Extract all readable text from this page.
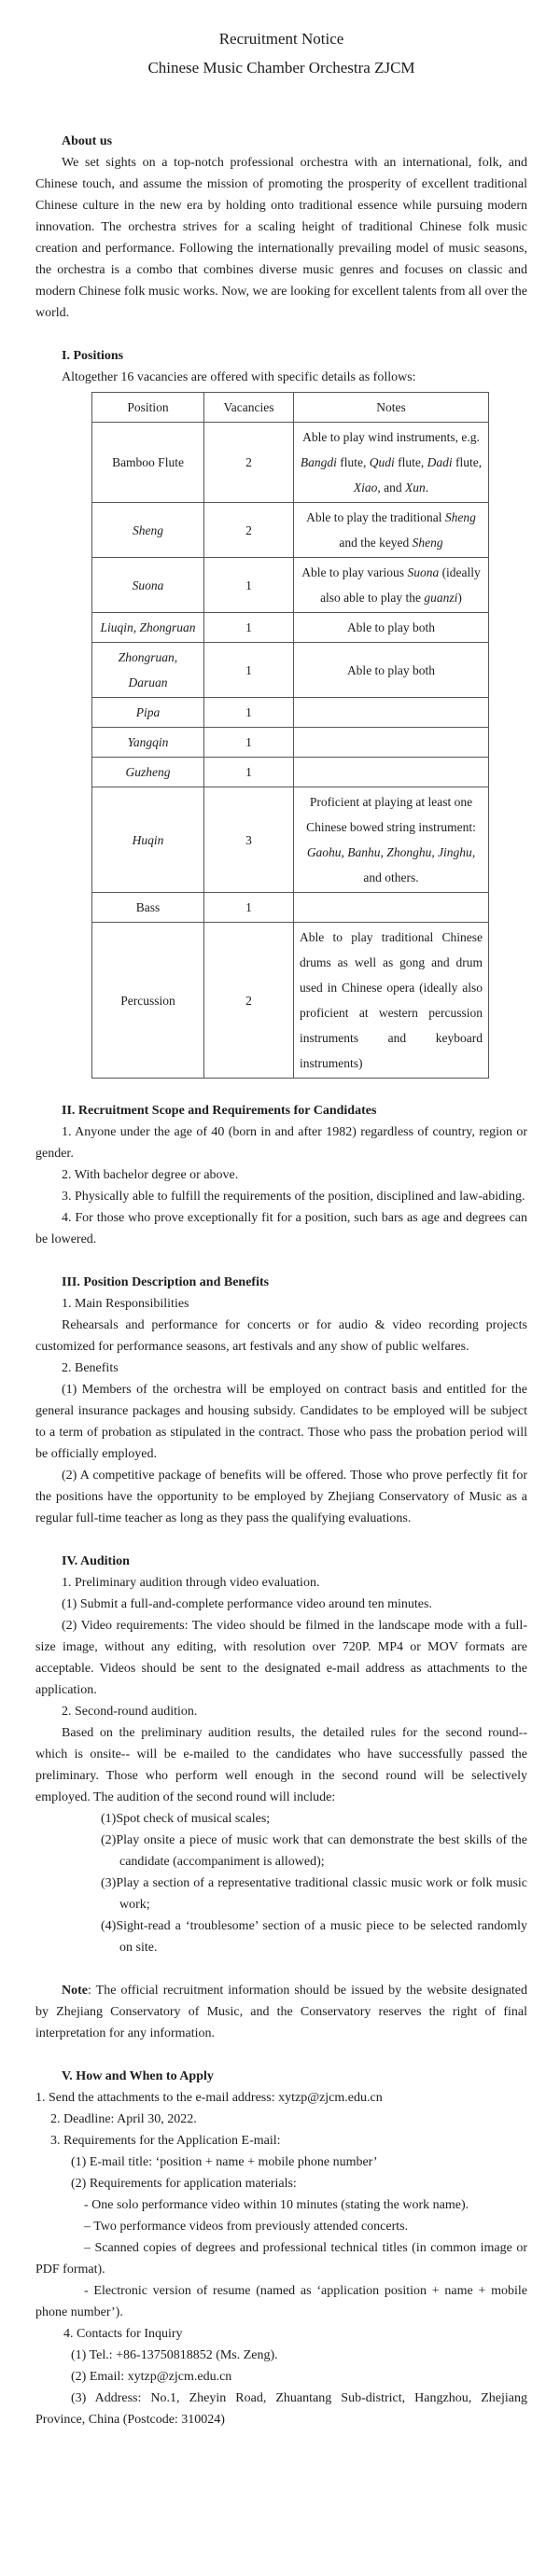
Recruitment Notice

Chinese Music Chamber Orchestra ZJCM

About us

We set sights on a top-notch professional orchestra with an international, folk, and Chinese touch, and assume the mission of promoting the prosperity of excellent traditional Chinese culture in the new era by holding onto traditional essence while pursuing modern innovation. The orchestra strives for a scaling height of traditional Chinese folk music creation and performance. Following the internationally prevailing model of music seasons, the orchestra is a combo that combines diverse music genres and focuses on classic and modern Chinese folk music works. Now, we are looking for excellent talents from all over the world.

I. Positions

Altogether 16 vacancies are offered with specific details as follows:

Position	Vacancies	Notes
Bamboo Flute	2	Able to play wind instruments, e.g. Bangdi flute, Qudi flute, Dadi flute, Xiao, and Xun.
Sheng	2	Able to play the traditional Sheng and the keyed Sheng
Suona	1	Able to play various Suona (ideally also able to play the guanzi)
Liuqin, Zhongruan	1	Able to play both
Zhongruan, Daruan	1	Able to play both
Pipa	1	
Yangqin	1	
Guzheng	1	
Huqin	3	Proficient at playing at least one Chinese bowed string instrument: Gaohu, Banhu, Zhonghu, Jinghu, and others.
Bass	1	
Percussion	2	Able to play traditional Chinese drums as well as gong and drum used in Chinese opera (ideally also proficient at western percussion instruments and keyboard instruments)

II. Recruitment Scope and Requirements for Candidates

1. Anyone under the age of 40 (born in and after 1982) regardless of country, region or gender.

2. With bachelor degree or above.

3. Physically able to fulfill the requirements of the position, disciplined and law-abiding.

4. For those who prove exceptionally fit for a position, such bars as age and degrees can be lowered.

III. Position Description and Benefits

1. Main Responsibilities

Rehearsals and performance for concerts or for audio & video recording projects customized for performance seasons, art festivals and any show of public welfares.

2. Benefits

(1) Members of the orchestra will be employed on contract basis and entitled for the general insurance packages and housing subsidy. Candidates to be employed will be subject to a term of probation as stipulated in the contract. Those who pass the probation period will be officially employed.

(2) A competitive package of benefits will be offered. Those who prove perfectly fit for the positions have the opportunity to be employed by Zhejiang Conservatory of Music as a regular full-time teacher as long as they pass the qualifying evaluations.

IV. Audition

1. Preliminary audition through video evaluation.

(1) Submit a full-and-complete performance video around ten minutes.

(2) Video requirements: The video should be filmed in the landscape mode with a full-size image, without any editing, with resolution over 720P. MP4 or MOV formats are acceptable. Videos should be sent to the designated e-mail address as attachments to the application.

2. Second-round audition.

Based on the preliminary audition results, the detailed rules for the second round-- which is onsite-- will be e-mailed to the candidates who have successfully passed the preliminary. Those who perform well enough in the second round will be selectively employed. The audition of the second round will include:

(1)Spot check of musical scales;

(2)Play onsite a piece of music work that can demonstrate the best skills of the candidate (accompaniment is allowed);

(3)Play a section of a representative traditional classic music work or folk music work;

(4)Sight-read a ‘troublesome’ section of a music piece to be selected randomly on site.

Note: The official recruitment information should be issued by the website designated by Zhejiang Conservatory of Music, and the Conservatory reserves the right of final interpretation for any information.

V. How and When to Apply

1. Send the attachments to the e-mail address: xytzp@zjcm.edu.cn

2. Deadline: April 30, 2022.

3. Requirements for the Application E-mail:

(1) E-mail title: ‘position + name + mobile phone number’

(2) Requirements for application materials:

- One solo performance video within 10 minutes (stating the work name).

– Two performance videos from previously attended concerts.

– Scanned copies of degrees and professional technical titles (in common image or PDF format).

- Electronic version of resume (named as ‘application position + name + mobile phone number’).

4. Contacts for Inquiry

(1) Tel.: +86-13750818852 (Ms. Zeng).

(2) Email: xytzp@zjcm.edu.cn

(3) Address: No.1, Zheyin Road, Zhuantang Sub-district, Hangzhou, Zhejiang Province, China (Postcode: 310024)
